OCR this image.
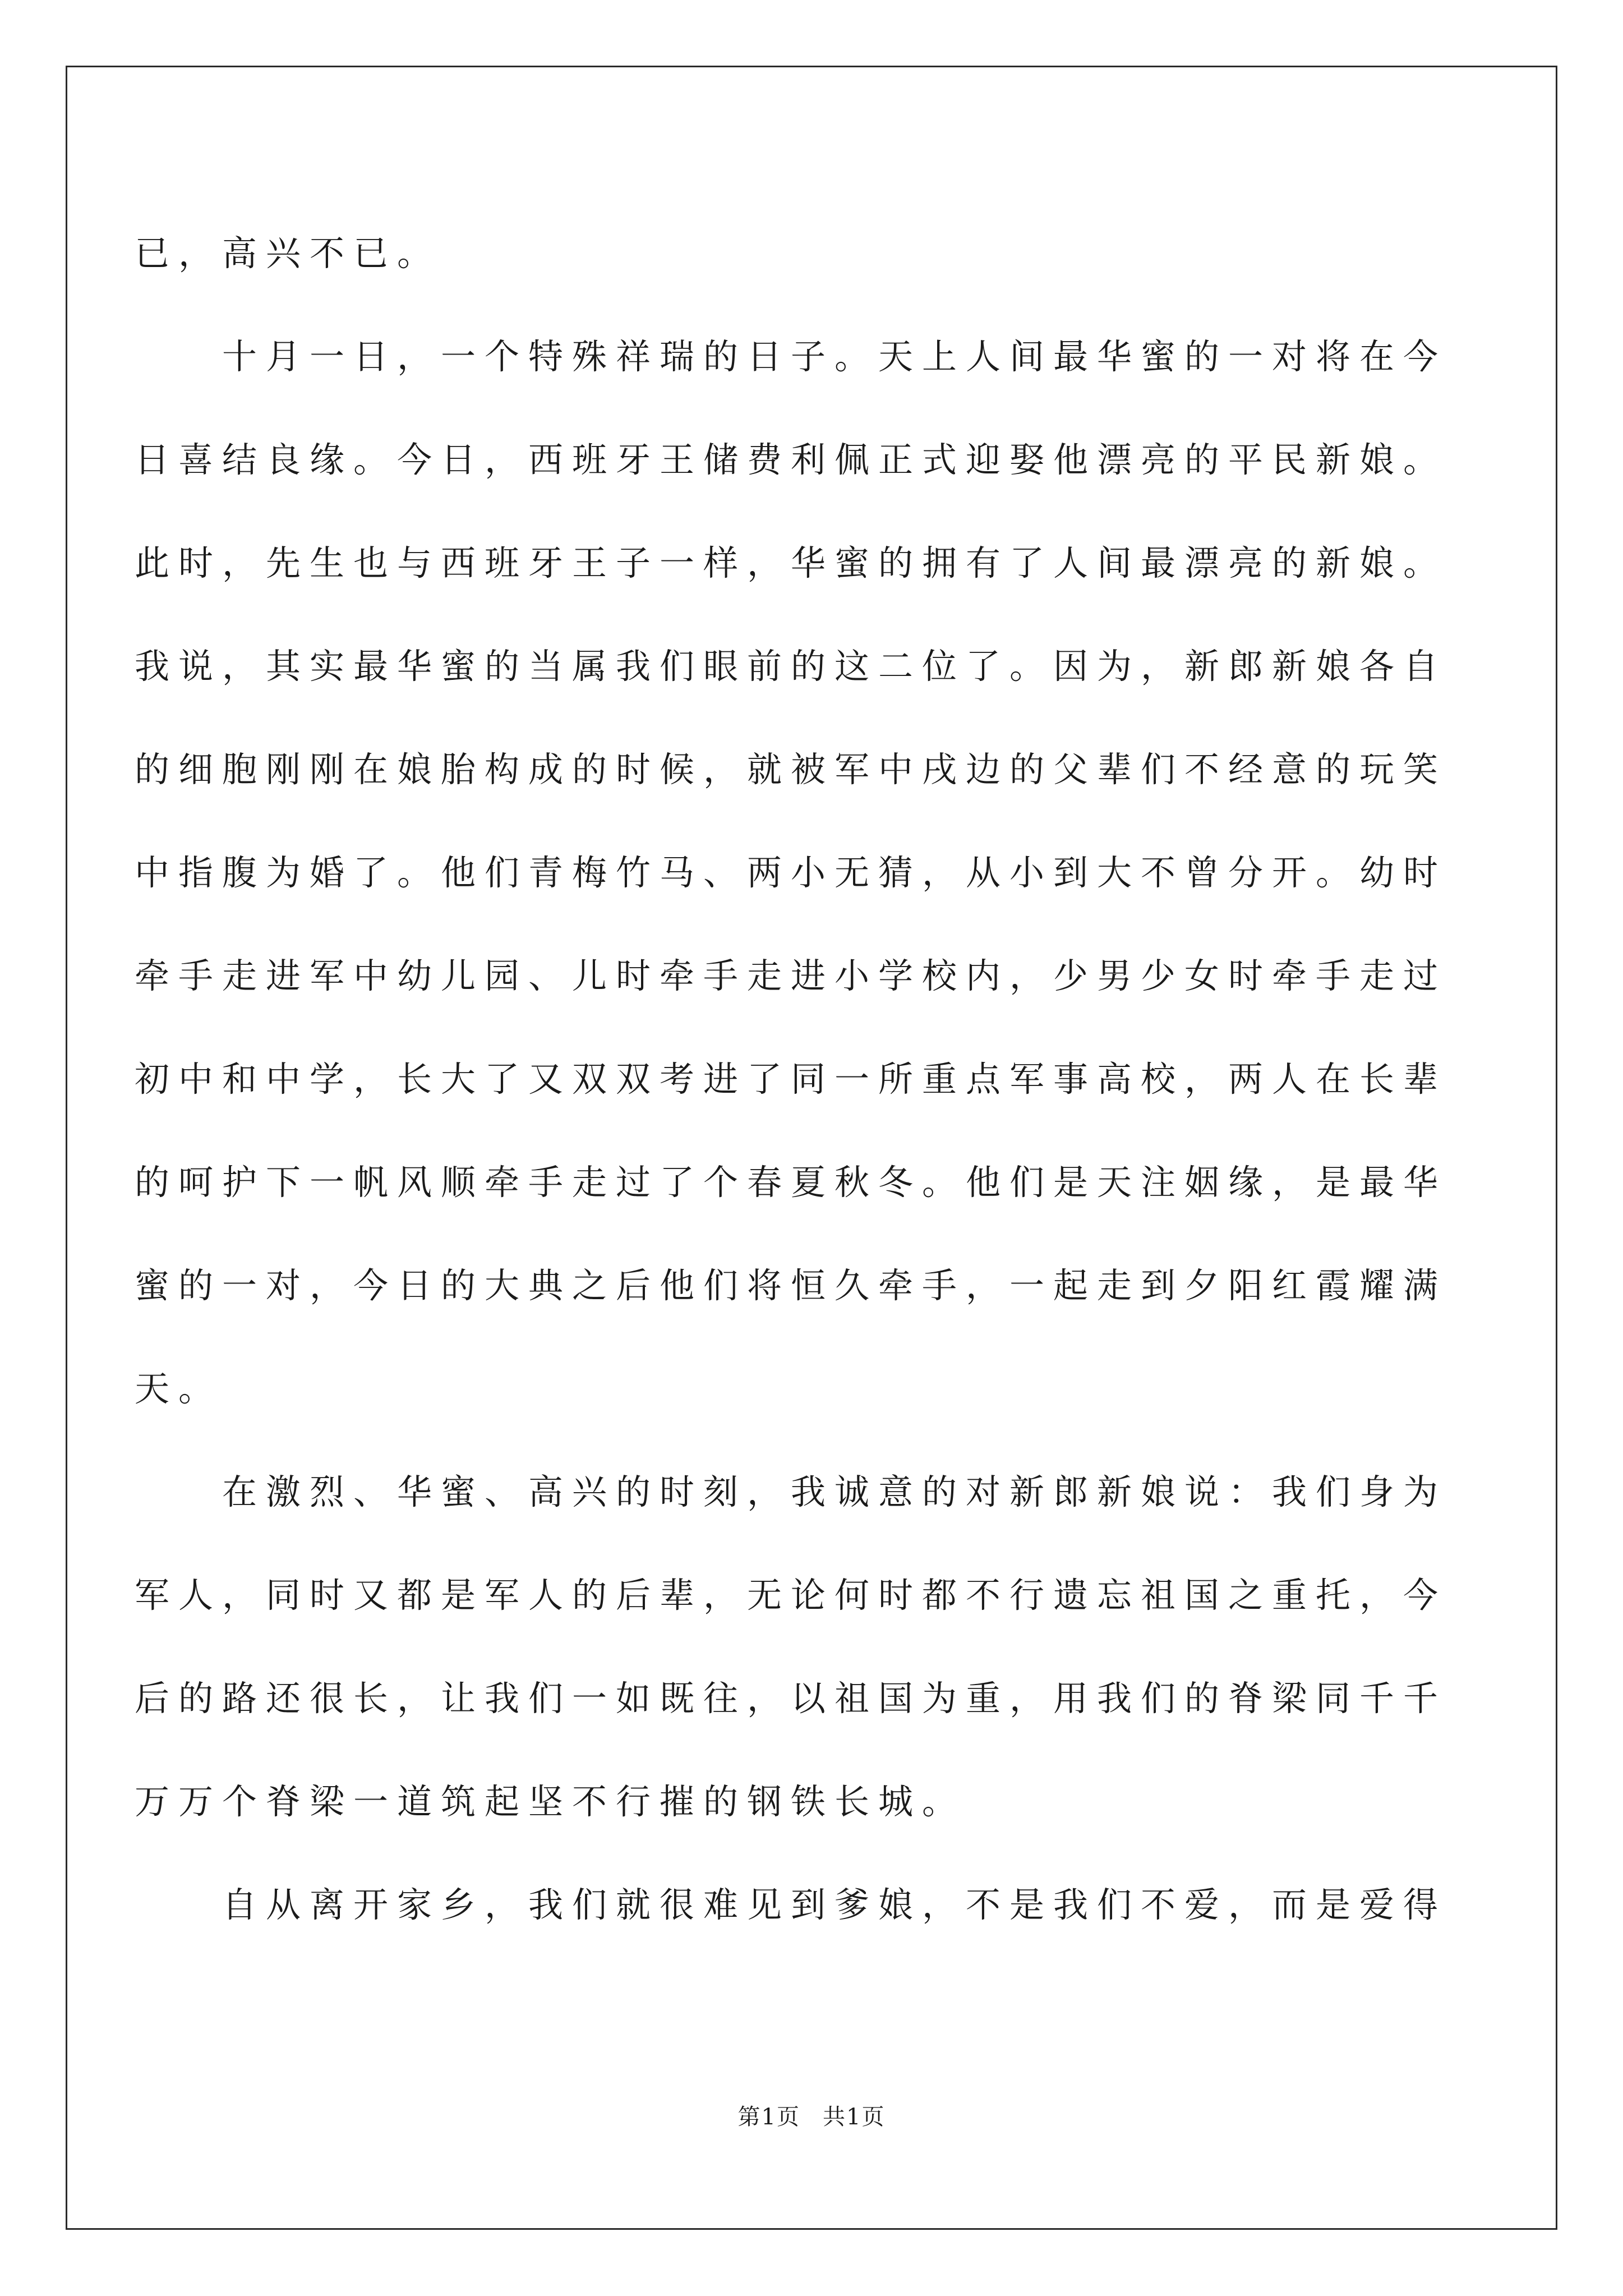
已，高兴不已。

十月一日，一个特殊祥瑞的日子。天上人间最华蜜的一对将在今日喜结良缘。今日，西班牙王储费利佩正式迎娶他漂亮的平民新娘。此时，先生也与西班牙王子一样，华蜜的拥有了人间最漂亮的新娘。我说，其实最华蜜的当属我们眼前的这二位了。因为，新郎新娘各自的细胞刚刚在娘胎构成的时候，就被军中戌边的父辈们不经意的玩笑中指腹为婚了。他们青梅竹马、两小无猜，从小到大不曾分开。幼时牵手走进军中幼儿园、儿时牵手走进小学校内，少男少女时牵手走过初中和中学，长大了又双双考进了同一所重点军事高校，两人在长辈的呵护下一帆风顺牵手走过了个春夏秋冬。他们是天注姻缘，是最华蜜的一对，今日的大典之后他们将恒久牵手，一起走到夕阳红霞耀满天。

在激烈、华蜜、高兴的时刻，我诚意的对新郎新娘说：我们身为军人，同时又都是军人的后辈，无论何时都不行遗忘祖国之重托，今后的路还很长，让我们一如既往，以祖国为重，用我们的脊梁同千千万万个脊梁一道筑起坚不行摧的钢铁长城。

自从离开家乡，我们就很难见到爹娘，不是我们不爱，而是爱得

第1页 共1页
